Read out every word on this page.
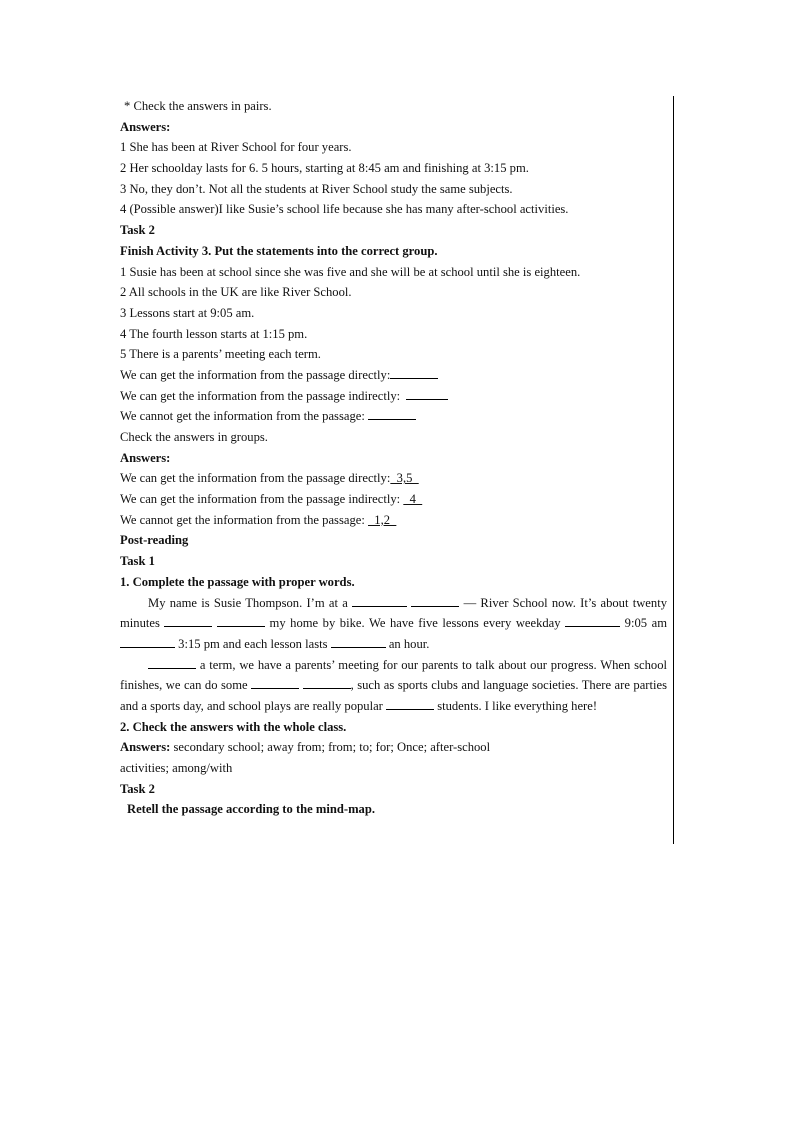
* Check the answers in pairs.
Answers:
1 She has been at River School for four years.
2 Her schoolday lasts for 6. 5 hours, starting at 8:45 am and finishing at 3:15 pm.
3 No, they don’t. Not all the students at River School study the same subjects.
4 (Possible answer)I like Susie’s school life because she has many after-school activities.
Task 2
Finish Activity 3. Put the statements into the correct group.
1 Susie has been at school since she was five and she will be at school until she is eighteen.
2 All schools in the UK are like River School.
3 Lessons start at 9:05 am.
4 The fourth lesson starts at 1:15 pm.
5 There is a parents’ meeting each term.
We can get the information from the passage directly:
We can get the information from the passage indirectly:
We cannot get the information from the passage:
Check the answers in groups.
Answers:
We can get the information from the passage directly:  3,5
We can get the information from the passage indirectly:   4
We cannot get the information from the passage:   1,2
Post-reading
Task 1
1. Complete the passage with proper words.
My name is Susie Thompson. I’m at a	— River School now. It’s about twenty minutes	my home by bike. We have five lessons every weekday	9:05 am  3:15 pm and each lesson lasts	an hour.
a term, we have a parents’ meeting for our parents to talk about our progress. When school finishes, we can do some	, such as sports clubs and language societies. There are parties and a sports day, and school plays are really popular	students. I like everything here!
2. Check the answers with the whole class.
Answers: secondary school; away from; from; to; for; Once; after-school
activities; among/with
Task 2
Retell the passage according to the mind-map.
